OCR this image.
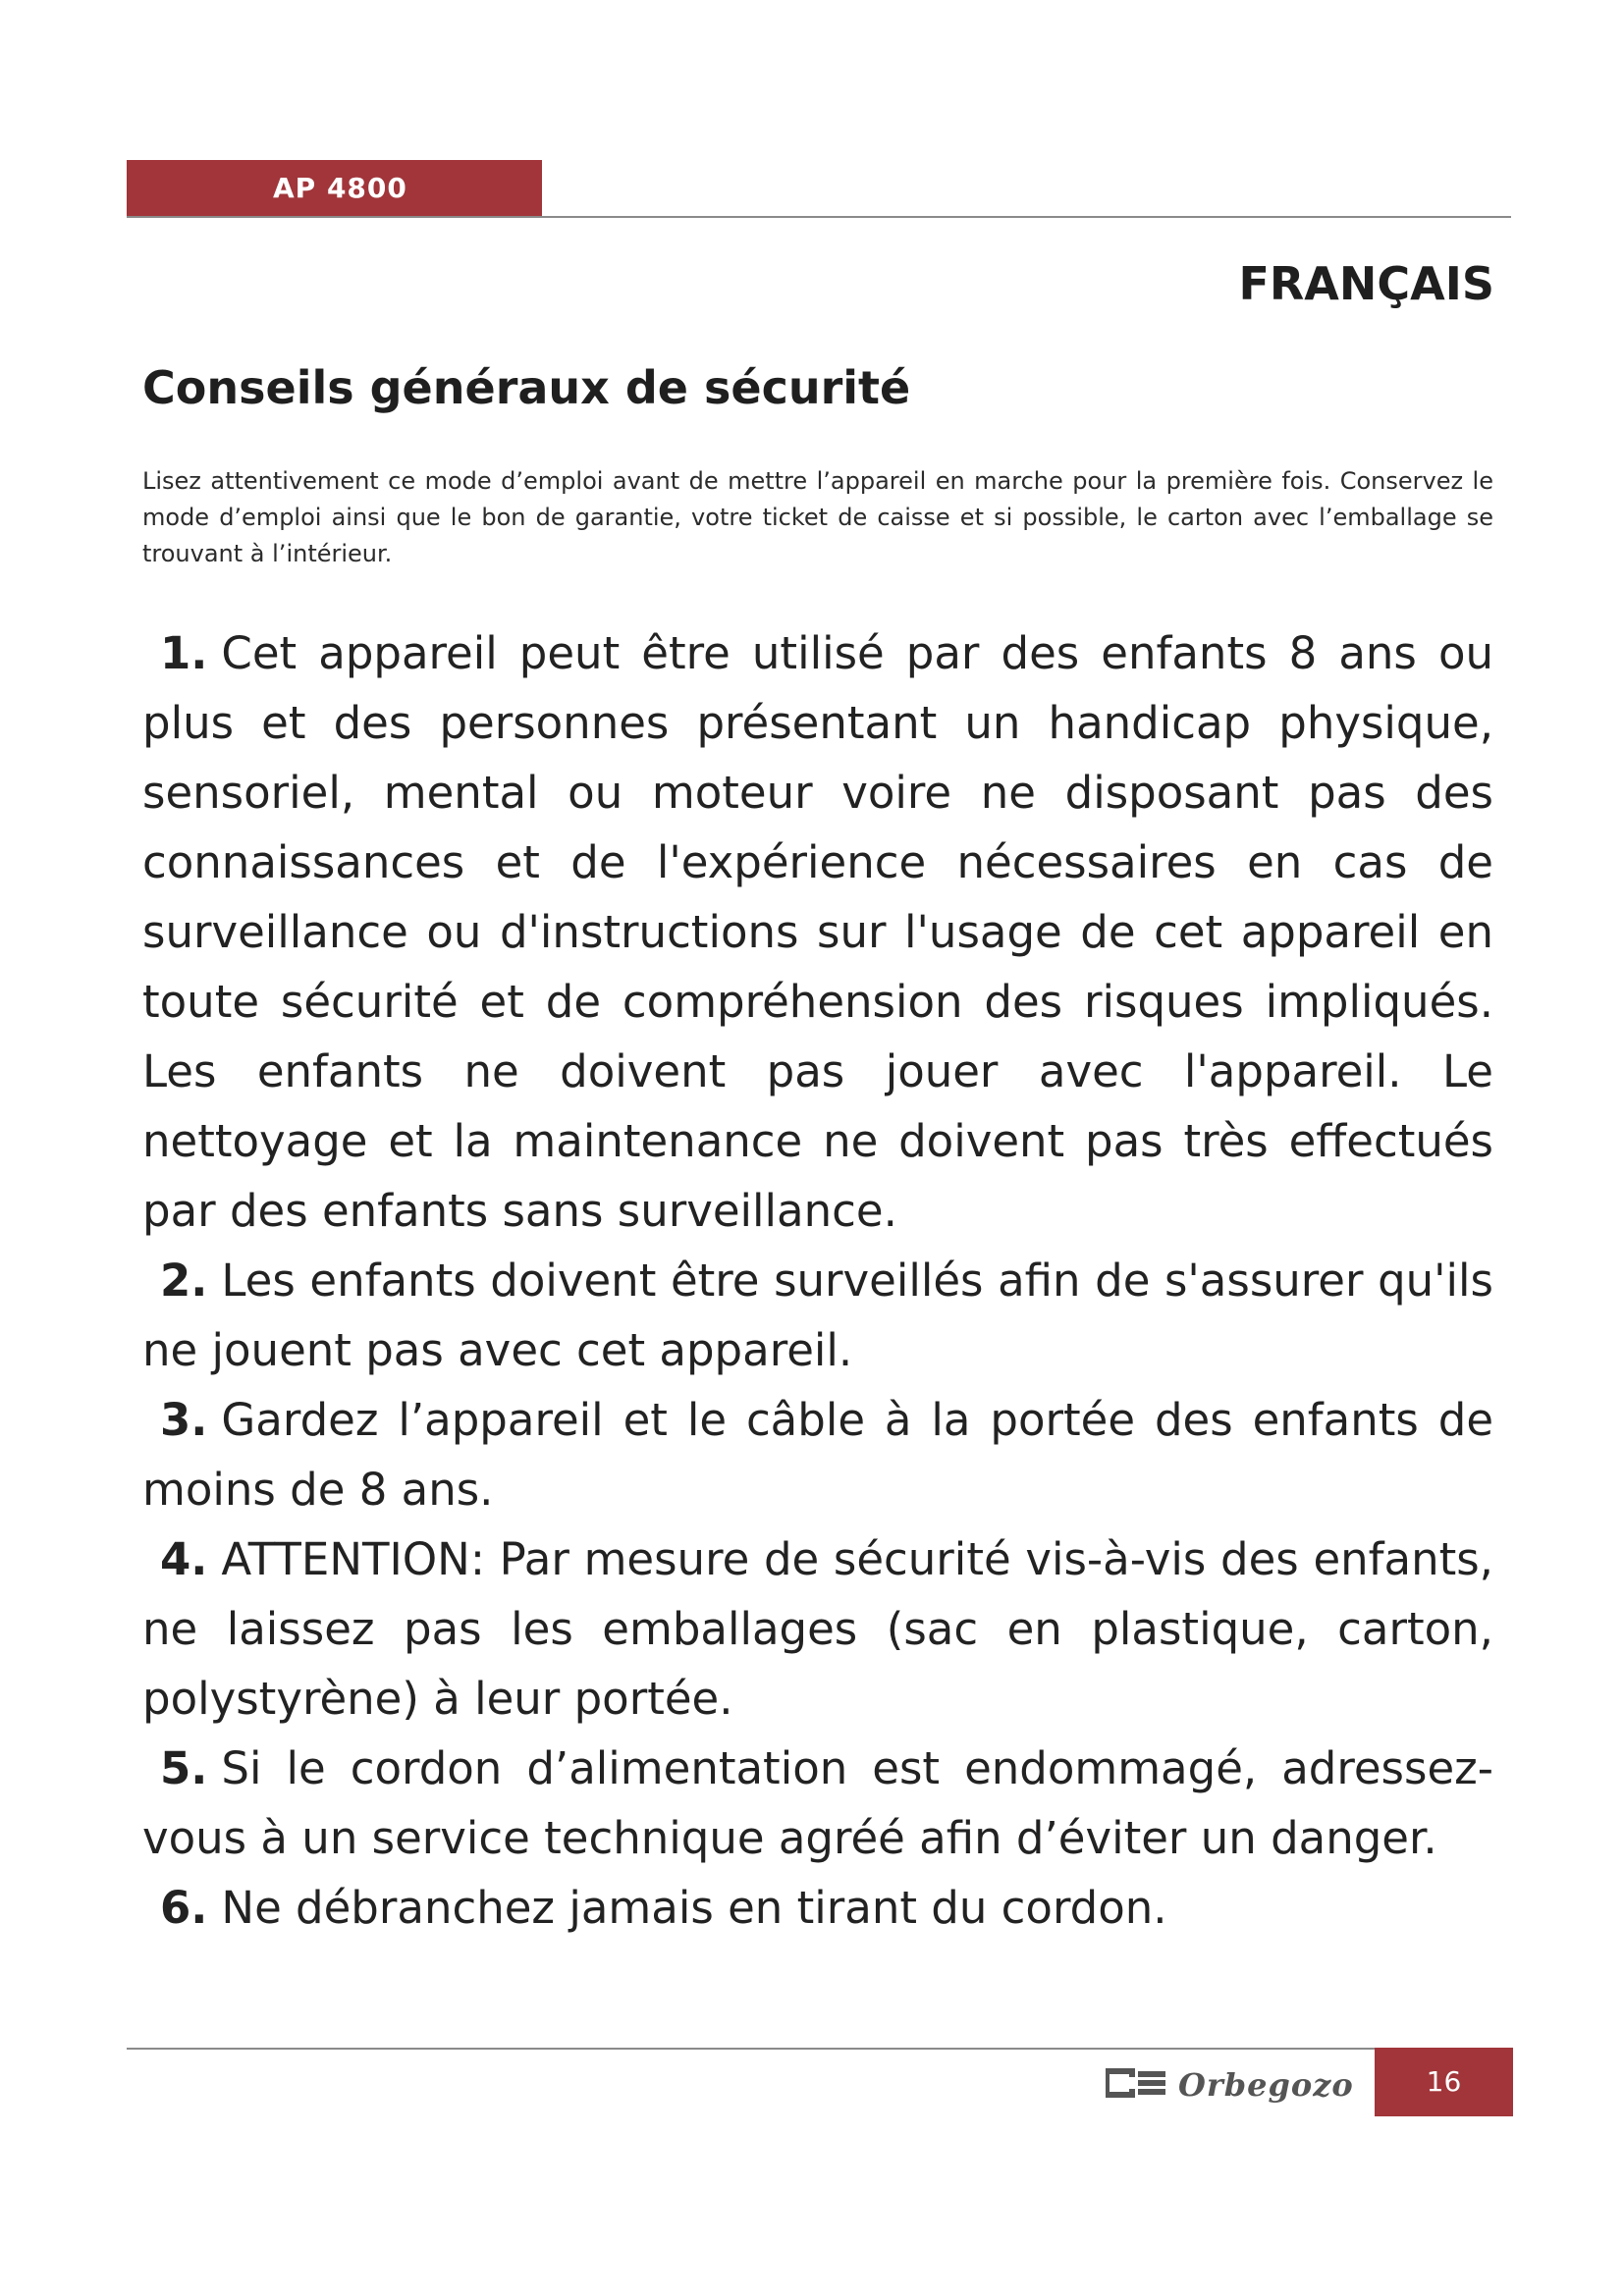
AP 4800
FRANÇAIS
Conseils généraux de sécurité

Lisez attentivement ce mode d’emploi avant de mettre l’appareil en marche pour la première fois. Conservez le mode d’emploi ainsi que le bon de garantie, votre ticket de caisse et si possible, le carton avec l’emballage se trouvant à l’intérieur.

1. Cet appareil peut être utilisé par des enfants 8 ans ou plus et des personnes présentant un handicap physique, sensoriel, mental ou moteur voire ne disposant pas des connaissances et de l'expérience nécessaires en cas de surveillance ou d'instructions sur l'usage de cet appareil en toute sécurité et de compréhension des risques impliqués. Les enfants ne doivent pas jouer avec l'appareil. Le nettoyage et la maintenance ne doivent pas très effectués par des enfants sans surveillance.
2. Les enfants doivent être surveillés afin de s'assurer qu'ils ne jouent pas avec cet appareil.
3. Gardez l’appareil et le câble à la portée des enfants de moins de 8 ans.
4. ATTENTION: Par mesure de sécurité vis-à-vis des enfants, ne laissez pas les emballages (sac en plastique, carton, polystyrène) à leur portée.
5. Si le cordon d’alimentation est endommagé, adressez-vous à un service technique agréé afin d’éviter un danger.
6. Ne débranchez jamais en tirant du cordon.
Orbegozo	16
